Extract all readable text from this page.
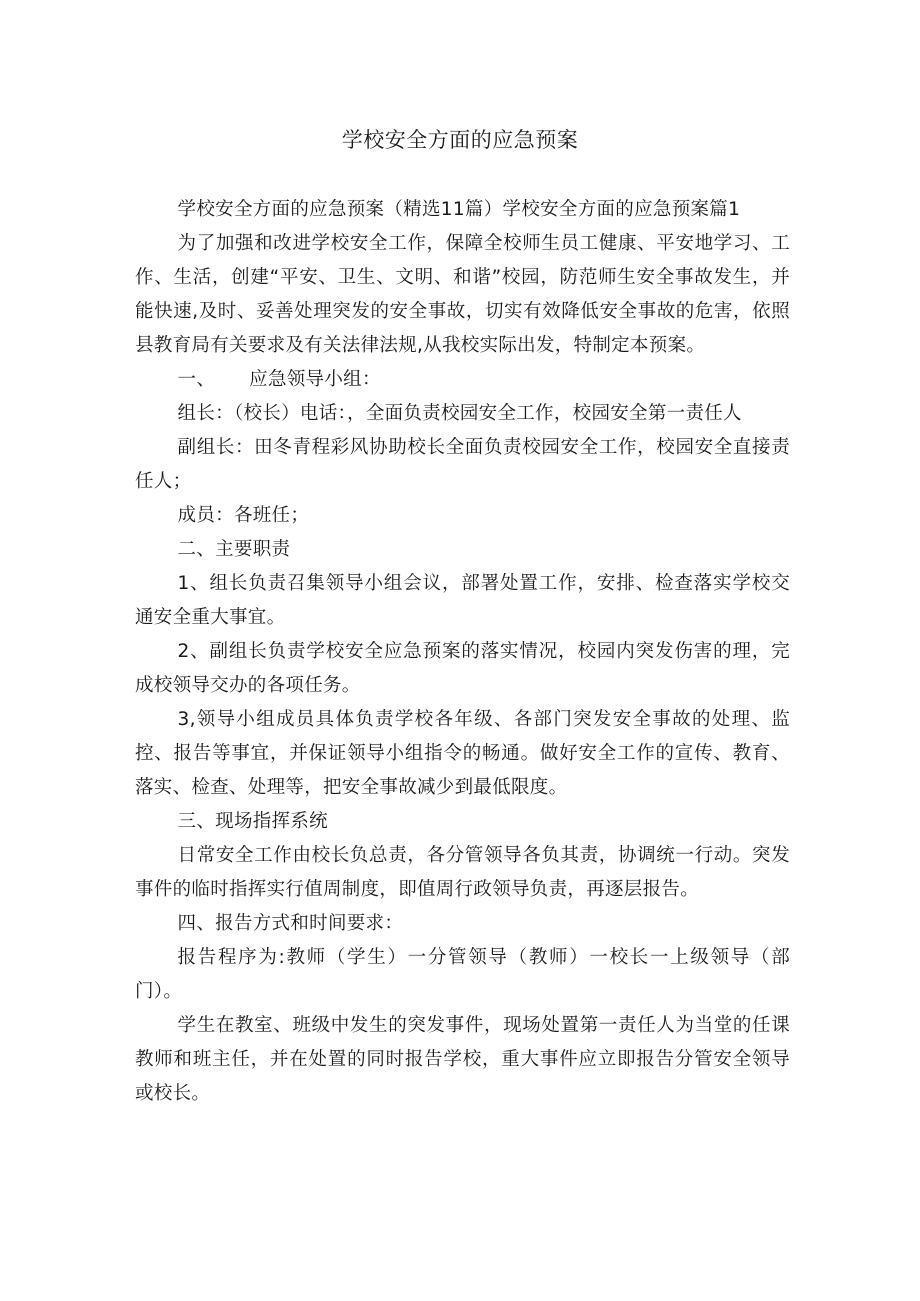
学校安全方面的应急预案

学校安全方面的应急预案（精选11篇）学校安全方面的应急预案篇1

为了加强和改进学校安全工作，保障全校师生员工健康、平安地学习、工作、生活，创建“平安、卫生、文明、和谐”校园，防范师生安全事故发生，并能快速,及时、妥善处理突发的安全事故，切实有效降低安全事故的危害，依照县教育局有关要求及有关法律法规,从我校实际出发，特制定本预案。

一、 应急领导小组：

组长：（校长）电话：，全面负责校园安全工作，校园安全第一责任人

副组长：田冬青程彩风协助校长全面负责校园安全工作，校园安全直接责任人；

成员：各班任；

二、主要职责

1、组长负责召集领导小组会议，部署处置工作，安排、检查落实学校交通安全重大事宜。

2、副组长负责学校安全应急预案的落实情况，校园内突发伤害的理，完成校领导交办的各项任务。

3,领导小组成员具体负责学校各年级、各部门突发安全事故的处理、监控、报告等事宜，并保证领导小组指令的畅通。做好安全工作的宣传、教育、落实、检查、处理等，把安全事故减少到最低限度。

三、现场指挥系统

日常安全工作由校长负总责，各分管领导各负其责，协调统一行动。突发事件的临时指挥实行值周制度，即值周行政领导负责，再逐层报告。

四、报告方式和时间要求：

报告程序为:教师（学生）一分管领导（教师）一校长一上级领导（部门）。

学生在教室、班级中发生的突发事件，现场处置第一责任人为当堂的任课教师和班主任，并在处置的同时报告学校，重大事件应立即报告分管安全领导或校长。
